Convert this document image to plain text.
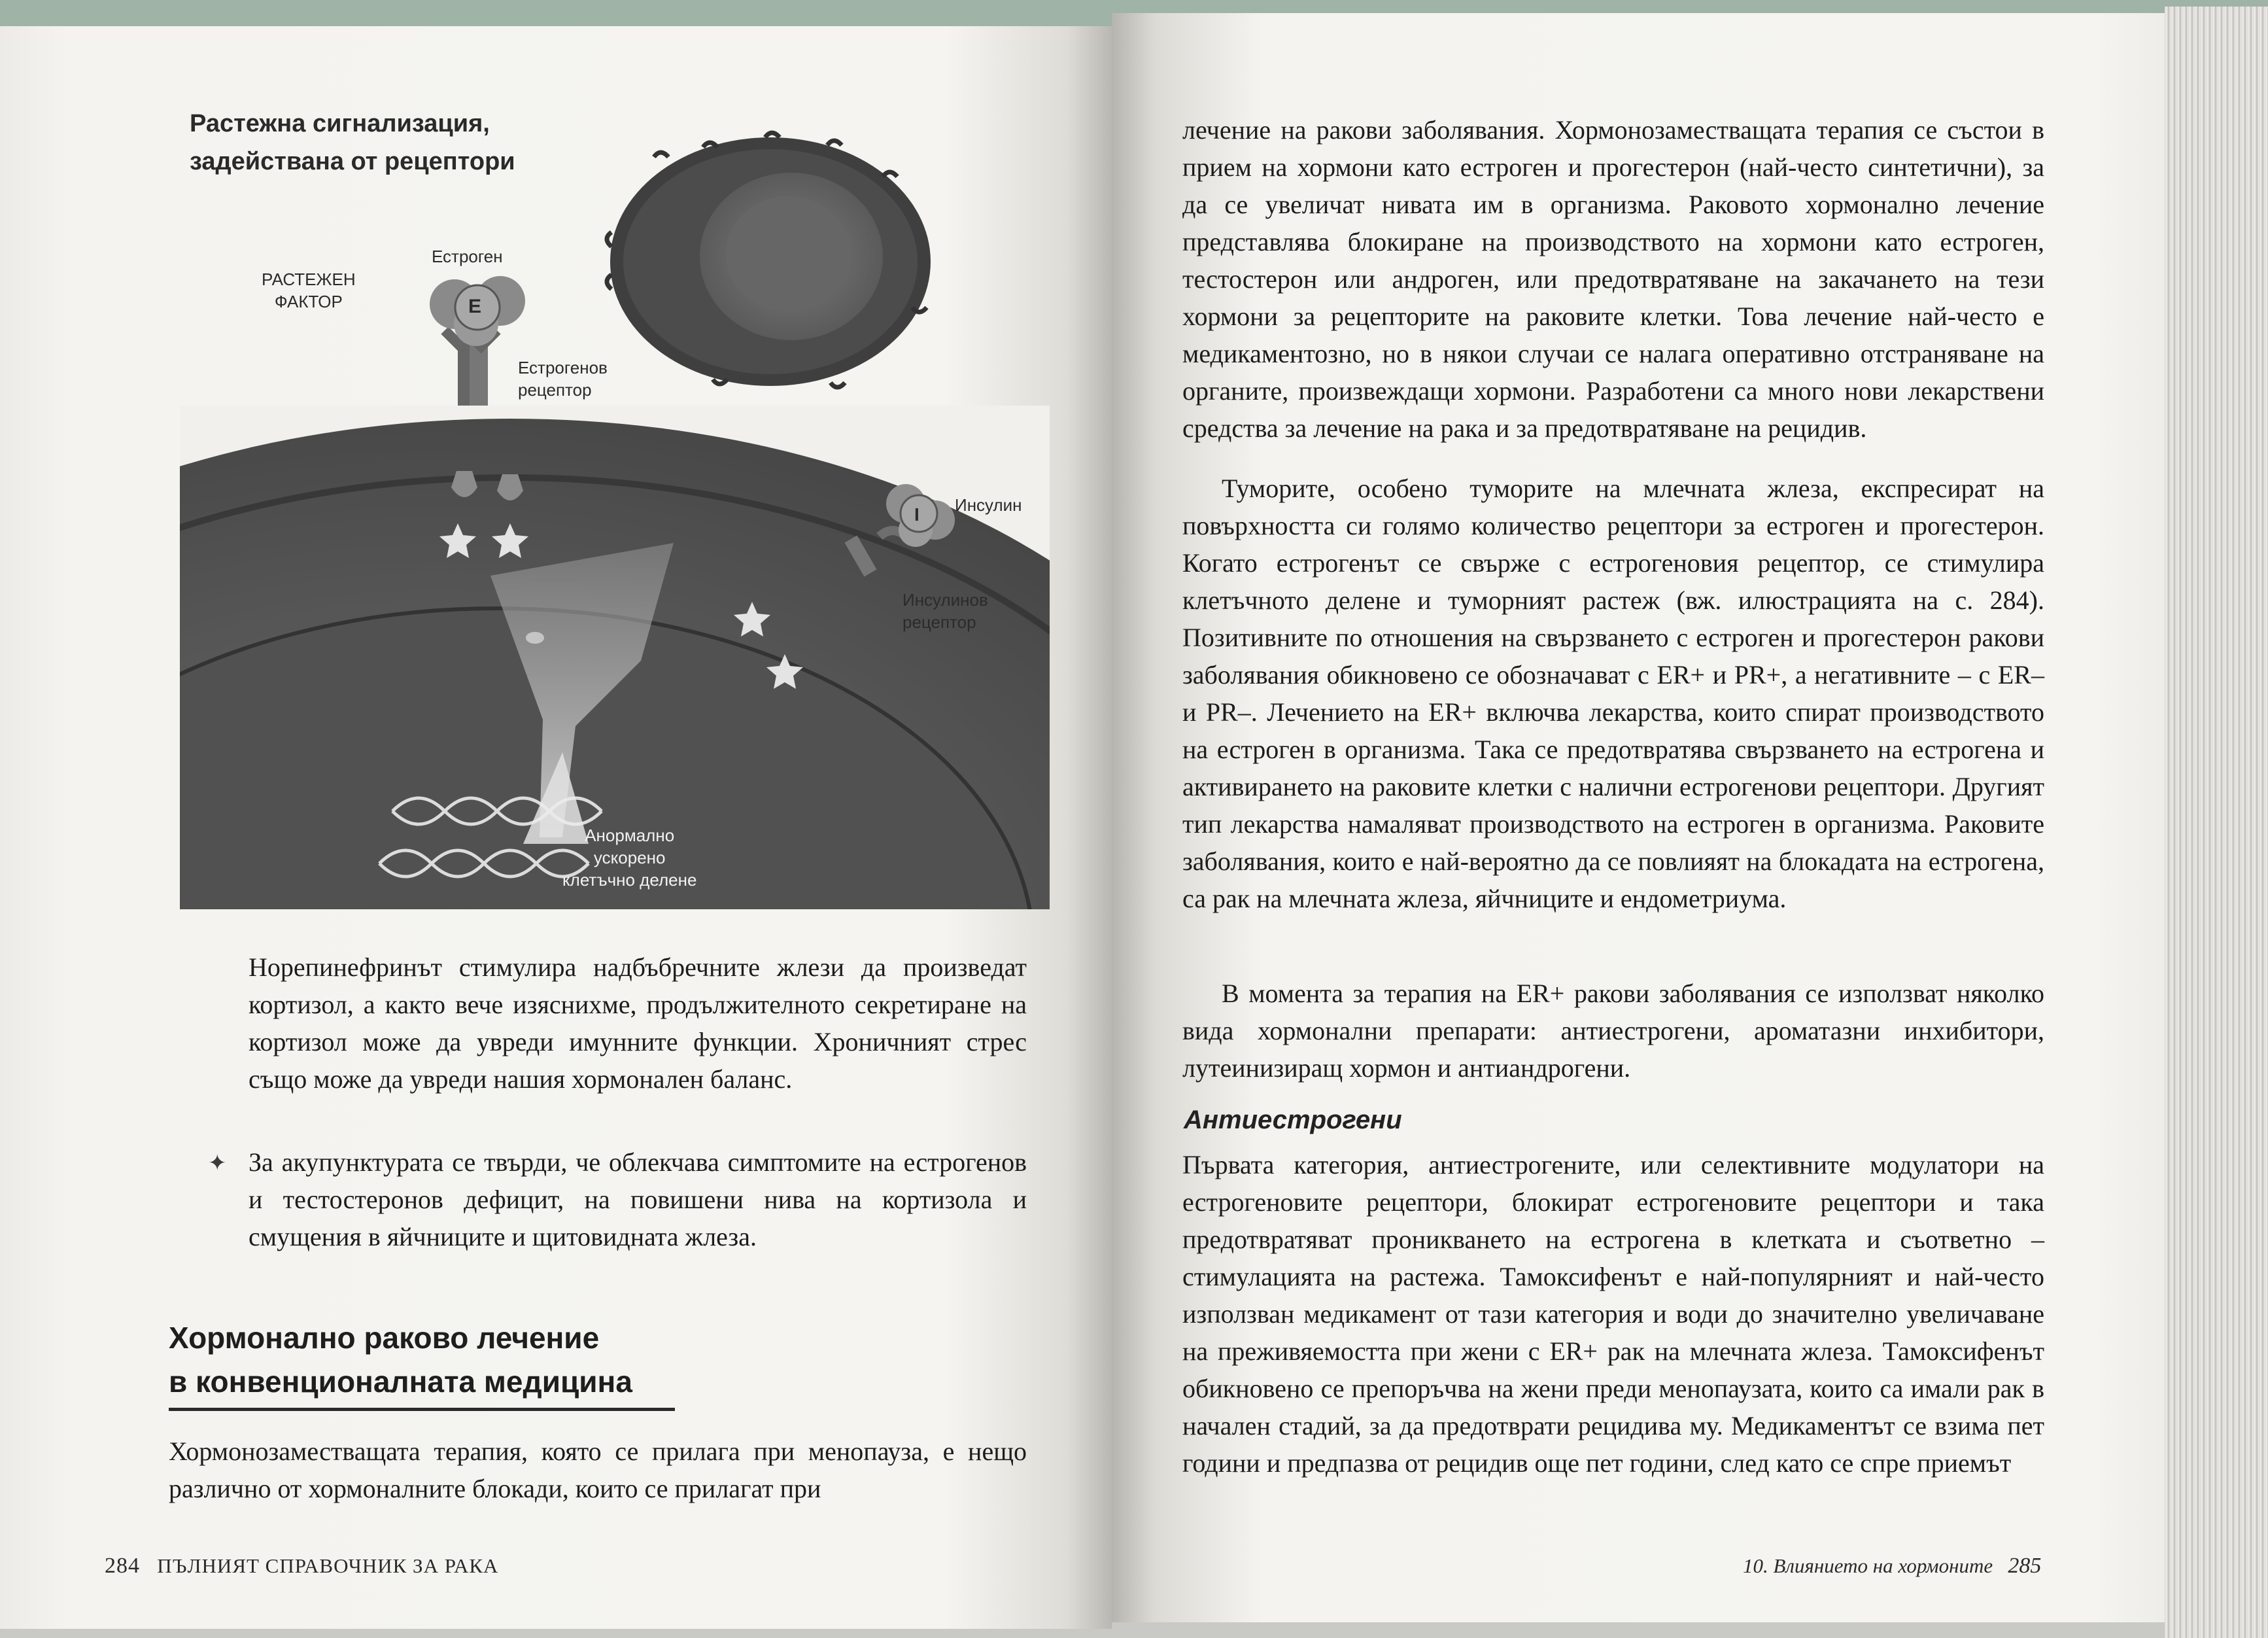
Растежна сигнализация,
задействана от рецептори
РАСТЕЖЕН
ФАКТОР
Естроген
E
Естрогенов
рецептор
Инсулин
I
Инсулинов
рецептор
Анормално
ускорено
клетъчно делене
Норепинефринът стимулира надбъбречните жлези да произведат кортизол, а както вече изяснихме, продължителното секретиране на кортизол може да увреди имунните функции. Хроничният стрес също може да увреди нашия хормонален баланс.
✦ За акупунктурата се твърди, че облекчава симптомите на естрогенов и тестостеронов дефицит, на повишени нива на кортизола и смущения в яйчниците и щитовидната жлеза.
Хормонално раково лечение
в конвенционалната медицина
Хормонозаместващата терапия, която се прилага при менопауза, е нещо различно от хормоналните блокади, които се прилагат при
284 ПЪЛНИЯТ СПРАВОЧНИК ЗА РАКА
лечение на ракови заболявания. Хормонозаместващата терапия се състои в прием на хормони като естроген и прогестерон (най-често синтетични), за да се увеличат нивата им в организма. Раковото хормонално лечение представлява блокиране на производството на хормони като естроген, тестостерон или андроген, или предотвратяване на закачането на тези хормони за рецепторите на раковите клетки. Това лечение най-често е медикаментозно, но в някои случаи се налага оперативно отстраняване на органите, произвеждащи хормони. Разработени са много нови лекарствени средства за лечение на рака и за предотвратяване на рецидив.
Туморите, особено туморите на млечната жлеза, експресират на повърхността си голямо количество рецептори за естроген и прогестерон. Когато естрогенът се свърже с естрогеновия рецептор, се стимулира клетъчното делене и туморният растеж (вж. илюстрацията на с. 284). Позитивните по отношения на свързването с естроген и прогестерон ракови заболявания обикновено се обозначават с ER+ и PR+, а негативните – с ER– и PR–. Лечението на ER+ включва лекарства, които спират производството на естроген в организма. Така се предотвратява свързването на естрогена и активирането на раковите клетки с налични естрогенови рецептори. Другият тип лекарства намаляват производството на естроген в организма. Раковите заболявания, които е най-вероятно да се повлияят на блокадата на естрогена, са рак на млечната жлеза, яйчниците и ендометриума.
В момента за терапия на ER+ ракови заболявания се използват няколко вида хормонални препарати: антиестрогени, ароматазни инхибитори, лутеинизиращ хормон и антиандрогени.
Антиестрогени
Първата категория, антиестрогените, или селективните модулатори на естрогеновите рецептори, блокират естрогеновите рецептори и така предотвратяват проникването на естрогена в клетката и съответно – стимулацията на растежа. Тамоксифенът е най-популярният и най-често използван медикамент от тази категория и води до значително увеличаване на преживяемостта при жени с ER+ рак на млечната жлеза. Тамоксифенът обикновено се препоръчва на жени преди менопаузата, които са имали рак в начален стадий, за да предотврати рецидива му. Медикаментът се взима пет години и предпазва от рецидив още пет години, след като се спре приемът
10. Влиянието на хормоните 285
